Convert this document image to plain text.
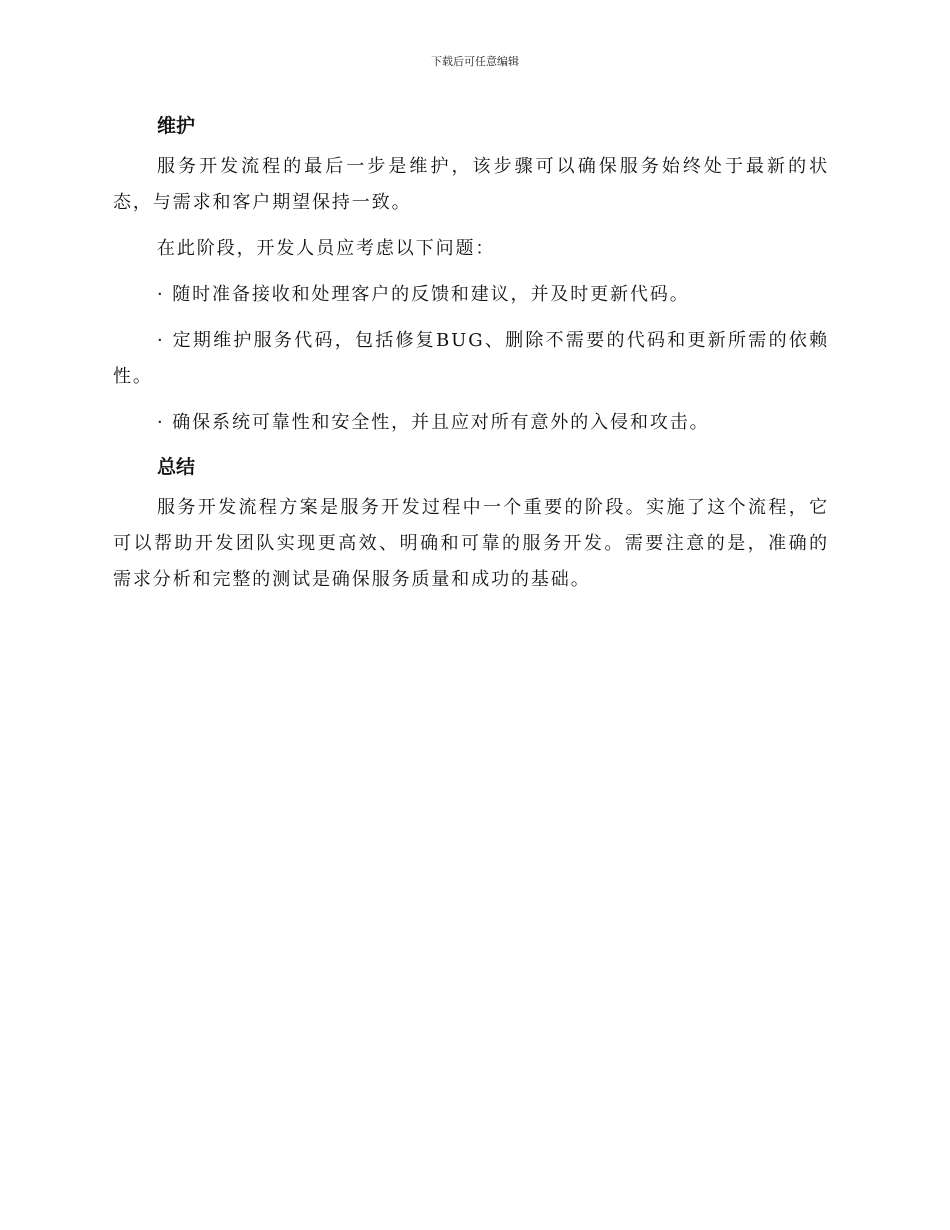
下载后可任意编辑
维护

服务开发流程的最后一步是维护，该步骤可以确保服务始终处于最新的状态，与需求和客户期望保持一致。

在此阶段，开发人员应考虑以下问题：

· 随时准备接收和处理客户的反馈和建议，并及时更新代码。

· 定期维护服务代码，包括修复BUG、删除不需要的代码和更新所需的依赖性。

· 确保系统可靠性和安全性，并且应对所有意外的入侵和攻击。

总结

服务开发流程方案是服务开发过程中一个重要的阶段。实施了这个流程，它可以帮助开发团队实现更高效、明确和可靠的服务开发。需要注意的是，准确的需求分析和完整的测试是确保服务质量和成功的基础。
